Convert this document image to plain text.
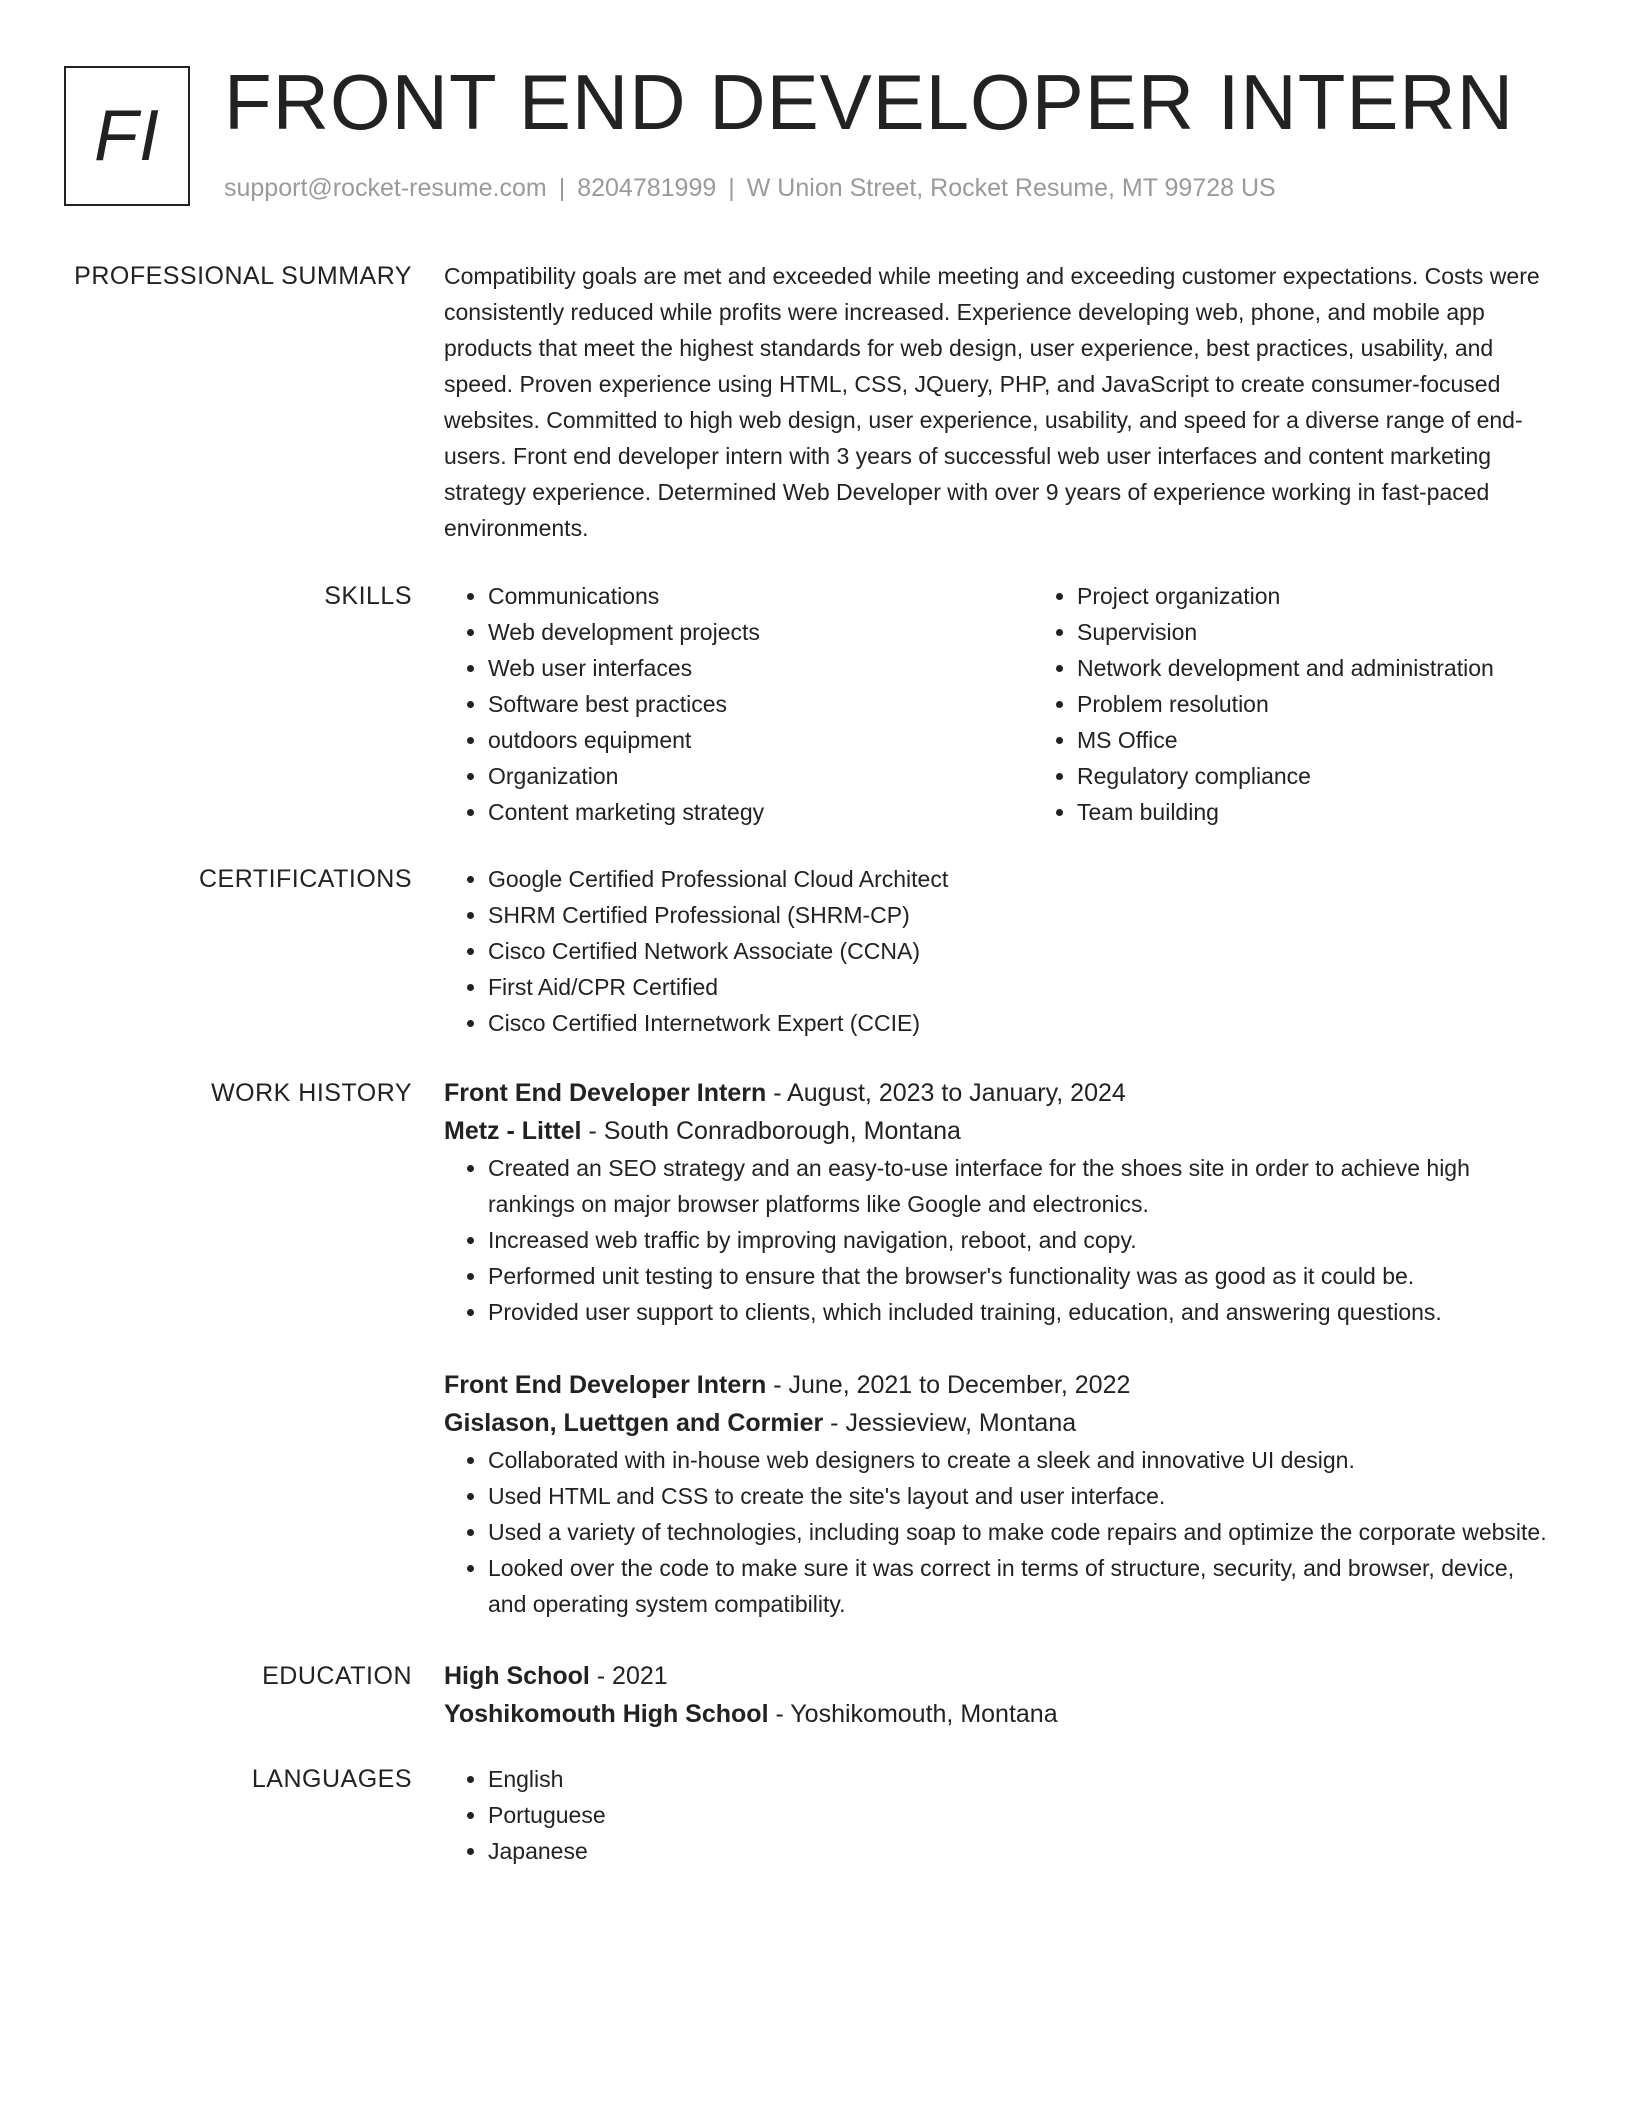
FI FRONT END DEVELOPER INTERN
support@rocket-resume.com | 8204781999 | W Union Street, Rocket Resume, MT 99728 US
PROFESSIONAL SUMMARY Compatibility goals are met and exceeded while meeting and exceeding customer expectations. Costs were consistently reduced while profits were increased. Experience developing web, phone, and mobile app products that meet the highest standards for web design, user experience, best practices, usability, and speed. Proven experience using HTML, CSS, JQuery, PHP, and JavaScript to create consumer-focused websites. Committed to high web design, user experience, usability, and speed for a diverse range of end-users. Front end developer intern with 3 years of successful web user interfaces and content marketing strategy experience. Determined Web Developer with over 9 years of experience working in fast-paced environments.

SKILLS	• Communications
• Web development projects
• Web user interfaces
• Software best practices
• outdoors equipment
• Organization
• Content marketing strategy
• Project organization
• Supervision
• Network development and administration
• Problem resolution
• MS Office
• Regulatory compliance
• Team building
CERTIFICATIONS	• Google Certified Professional Cloud Architect
• SHRM Certified Professional (SHRM-CP)
• Cisco Certified Network Associate (CCNA)
• First Aid/CPR Certified
• Cisco Certified Internetwork Expert (CCIE)
WORK HISTORY Front End Developer Intern - August, 2023 to January, 2024
Metz - Littel - South Conradborough, Montana
• Created an SEO strategy and an easy-to-use interface for the shoes site in order to achieve high rankings on major browser platforms like Google and electronics.
• Increased web traffic by improving navigation, reboot, and copy.
• Performed unit testing to ensure that the browser's functionality was as good as it could be.
• Provided user support to clients, which included training, education, and answering questions.
Front End Developer Intern - June, 2021 to December, 2022
Gislason, Luettgen and Cormier - Jessieview, Montana
• Collaborated with in-house web designers to create a sleek and innovative UI design.
• Used HTML and CSS to create the site's layout and user interface.
• Used a variety of technologies, including soap to make code repairs and optimize the corporate website.
• Looked over the code to make sure it was correct in terms of structure, security, and browser, device, and operating system compatibility.
EDUCATION High School - 2021
Yoshikomouth High School - Yoshikomouth, Montana
LANGUAGES	• English
• Portuguese
• Japanese
